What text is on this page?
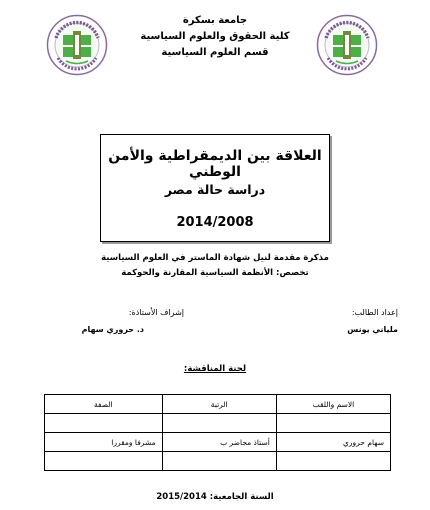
جامعة بسكرة
كلية الحقوق والعلوم السياسية
قسم العلوم السياسية
العلاقة بين الديمقراطية والأمن الوطني
دراسة حالة مصر
2014/2008
مذكرة مقدمة لنيل شهادة الماستر في العلوم السياسية
تخصص: الأنظمة السياسية المقارنة والحوكمة
إعداد الطالب:
ملياني يونس
إشراف الأستاذة:
د. حروري سهام
لجنة المناقشة:
الاسم واللقب	الرتبة	الصفة

سهام حروري	أستاذ محاضر ب	مشرفا ومقررا

السنة الجامعية: 2015/2014
